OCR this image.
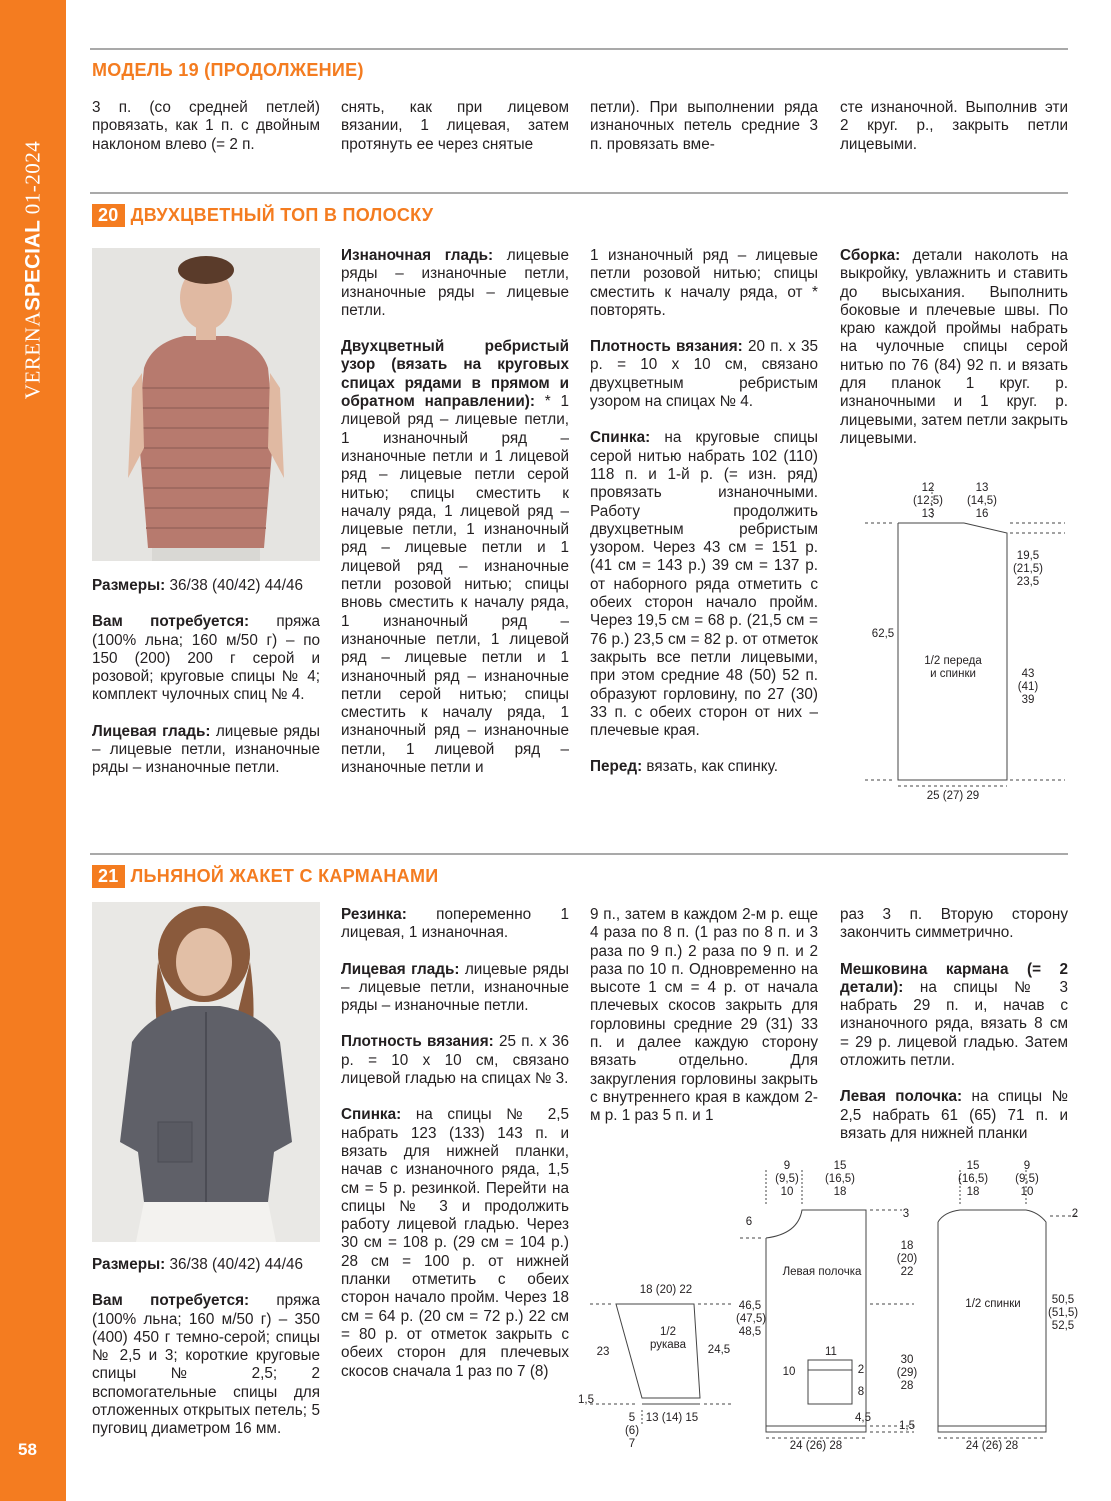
VERENASPECIAL 01-2024
58
МОДЕЛЬ 19 (ПРОДОЛЖЕНИЕ)

3 п. (со средней петлей) провязать, как 1 п. с двойным наклоном влево (= 2 п.

снять, как при лицевом вязании, 1 лицевая, затем протянуть ее через снятые

петли). При выполнении ряда изнаночных петель средние 3 п. провязать вме-

сте изнаночной. Выполнив эти 2 круг. р., закрыть петли лицевыми.

20 ДВУХЦВЕТНЫЙ ТОП В ПОЛОСКУ

Размеры: 36/38 (40/42) 44/46

Вам потребуется: пряжа (100% льна; 160 м/50 г) – по 150 (200) 200 г серой и розовой; круговые спицы № 4; комплект чулочных спиц № 4.

Лицевая гладь: лицевые ряды – лицевые петли, изнаночные ряды – изнаночные петли.

Изнаночная гладь: лицевые ряды – изнаночные петли, изнаночные ряды – лицевые петли.

Двухцветный ребристый узор (вязать на круговых спицах рядами в прямом и обратном направлении): * 1 лицевой ряд – лицевые петли, 1 изнаночный ряд – изнаночные петли и 1 лицевой ряд – лицевые петли серой нитью; спицы сместить к началу ряда, 1 лицевой ряд – лицевые петли, 1 изнаночный ряд – лицевые петли и 1 лицевой ряд – изнаночные петли розовой нитью; спицы вновь сместить к началу ряда, 1 изнаночный ряд – изнаночные петли, 1 лицевой ряд – лицевые петли и 1 изнаночный ряд – изнаночные петли серой нитью; спицы сместить к началу ряда, 1 изнаночный ряд – изнаночные петли, 1 лицевой ряд – изнаночные петли и

1 изнаночный ряд – лицевые петли розовой нитью; спицы сместить к началу ряда, от * повторять.

Плотность вязания: 20 п. х 35 р. = 10 х 10 см, связано двухцветным ребристым узором на спицах № 4.

Спинка: на круговые спицы серой нитью набрать 102 (110) 118 п. и 1-й р. (= изн. ряд) провязать изнаночными. Работу продолжить двухцветным ребристым узором. Через 43 см = 151 р. (41 см = 143 р.) 39 см = 137 р. от наборного ряда отметить с обеих сторон начало пройм. Через 19,5 см = 68 р. (21,5 см = 76 р.) 23,5 см = 82 р. от отметок закрыть все петли лицевыми, при этом средние 48 (50) 52 п. образуют горловину, по 27 (30) 33 п. с обеих сторон от них – плечевые края.

Перед: вязать, как спинку.

Сборка: детали наколоть на выкройку, увлажнить и ставить до высыхания. Выполнить боковые и плечевые швы. По краю каждой проймы набрать на чулочные спицы серой нитью по 76 (84) 92 п. и вязать для планок 1 круг. р. изнаночными и 1 круг. р. лицевыми, затем петли закрыть лицевыми.

12
(12,5)
13
13
(14,5)
16
19,5
(21,5)
23,5
43
(41)
39
62,5
1/2 переда
и спинки
25 (27) 29
21 ЛЬНЯНОЙ ЖАКЕТ С КАРМАНАМИ

Размеры: 36/38 (40/42) 44/46

Вам потребуется: пряжа (100% льна; 160 м/50 г) – 350 (400) 450 г темно-серой; спицы № 2,5 и 3; короткие круговые спицы № 2,5; 2 вспомогательные спицы для отложенных открытых петель; 5 пуговиц диаметром 16 мм.

Резинка: попеременно 1 лицевая, 1 изнаночная.

Лицевая гладь: лицевые ряды – лицевые петли, изнаночные ряды – изнаночные петли.

Плотность вязания: 25 п. х 36 р. = 10 х 10 см, связано лицевой гладью на спицах № 3.

Спинка: на спицы № 2,5 набрать 123 (133) 143 п. и вязать для нижней планки, начав с изнаночного ряда, 1,5 см = 5 р. резинкой. Перейти на спицы № 3 и продолжить работу лицевой гладью. Через 30 см = 108 р. (29 см = 104 р.) 28 см = 100 р. от нижней планки отметить с обеих сторон начало пройм. Через 18 см = 64 р. (20 см = 72 р.) 22 см = 80 р. от отметок закрыть с обеих сторон для плечевых скосов сначала 1 раз по 7 (8)

9 п., затем в каждом 2-м р. еще 4 раза по 8 п. (1 раз по 8 п. и 3 раза по 9 п.) 2 раза по 9 п. и 2 раза по 10 п. Одновременно на высоте 1 см = 4 р. от начала плечевых скосов закрыть для горловины средние 29 (31) 33 п. и далее каждую сторону вязать отдельно. Для закругления горловины закрыть с внутреннего края в каждом 2-м р. 1 раз 5 п. и 1

раз 3 п. Вторую сторону закончить симметрично.

Мешковина кармана (= 2 детали): на спицы № 3 набрать 29 п. и, начав с изнаночного ряда, вязать 8 см = 29 р. лицевой гладью. Затем отложить петли.

Левая полочка: на спицы № 2,5 набрать 61 (65) 71 п. и вязать для нижней планки

18 (20) 22
1/2
рукава
23	24,5
1,5
5
(6)
7
13 (14) 15
9
(9,5)
10
15
(16,5)
18
6
Левая полочка
46,5
(47,5)
48,5
11
10	2
8
4,5
24 (26) 28
3
18
(20)
22
30
(29)
28
1,5
15
(16,5)
18
9
(9,5)
10
2
1/2 спинки	50,5
(51,5)
52,5
24 (26) 28
